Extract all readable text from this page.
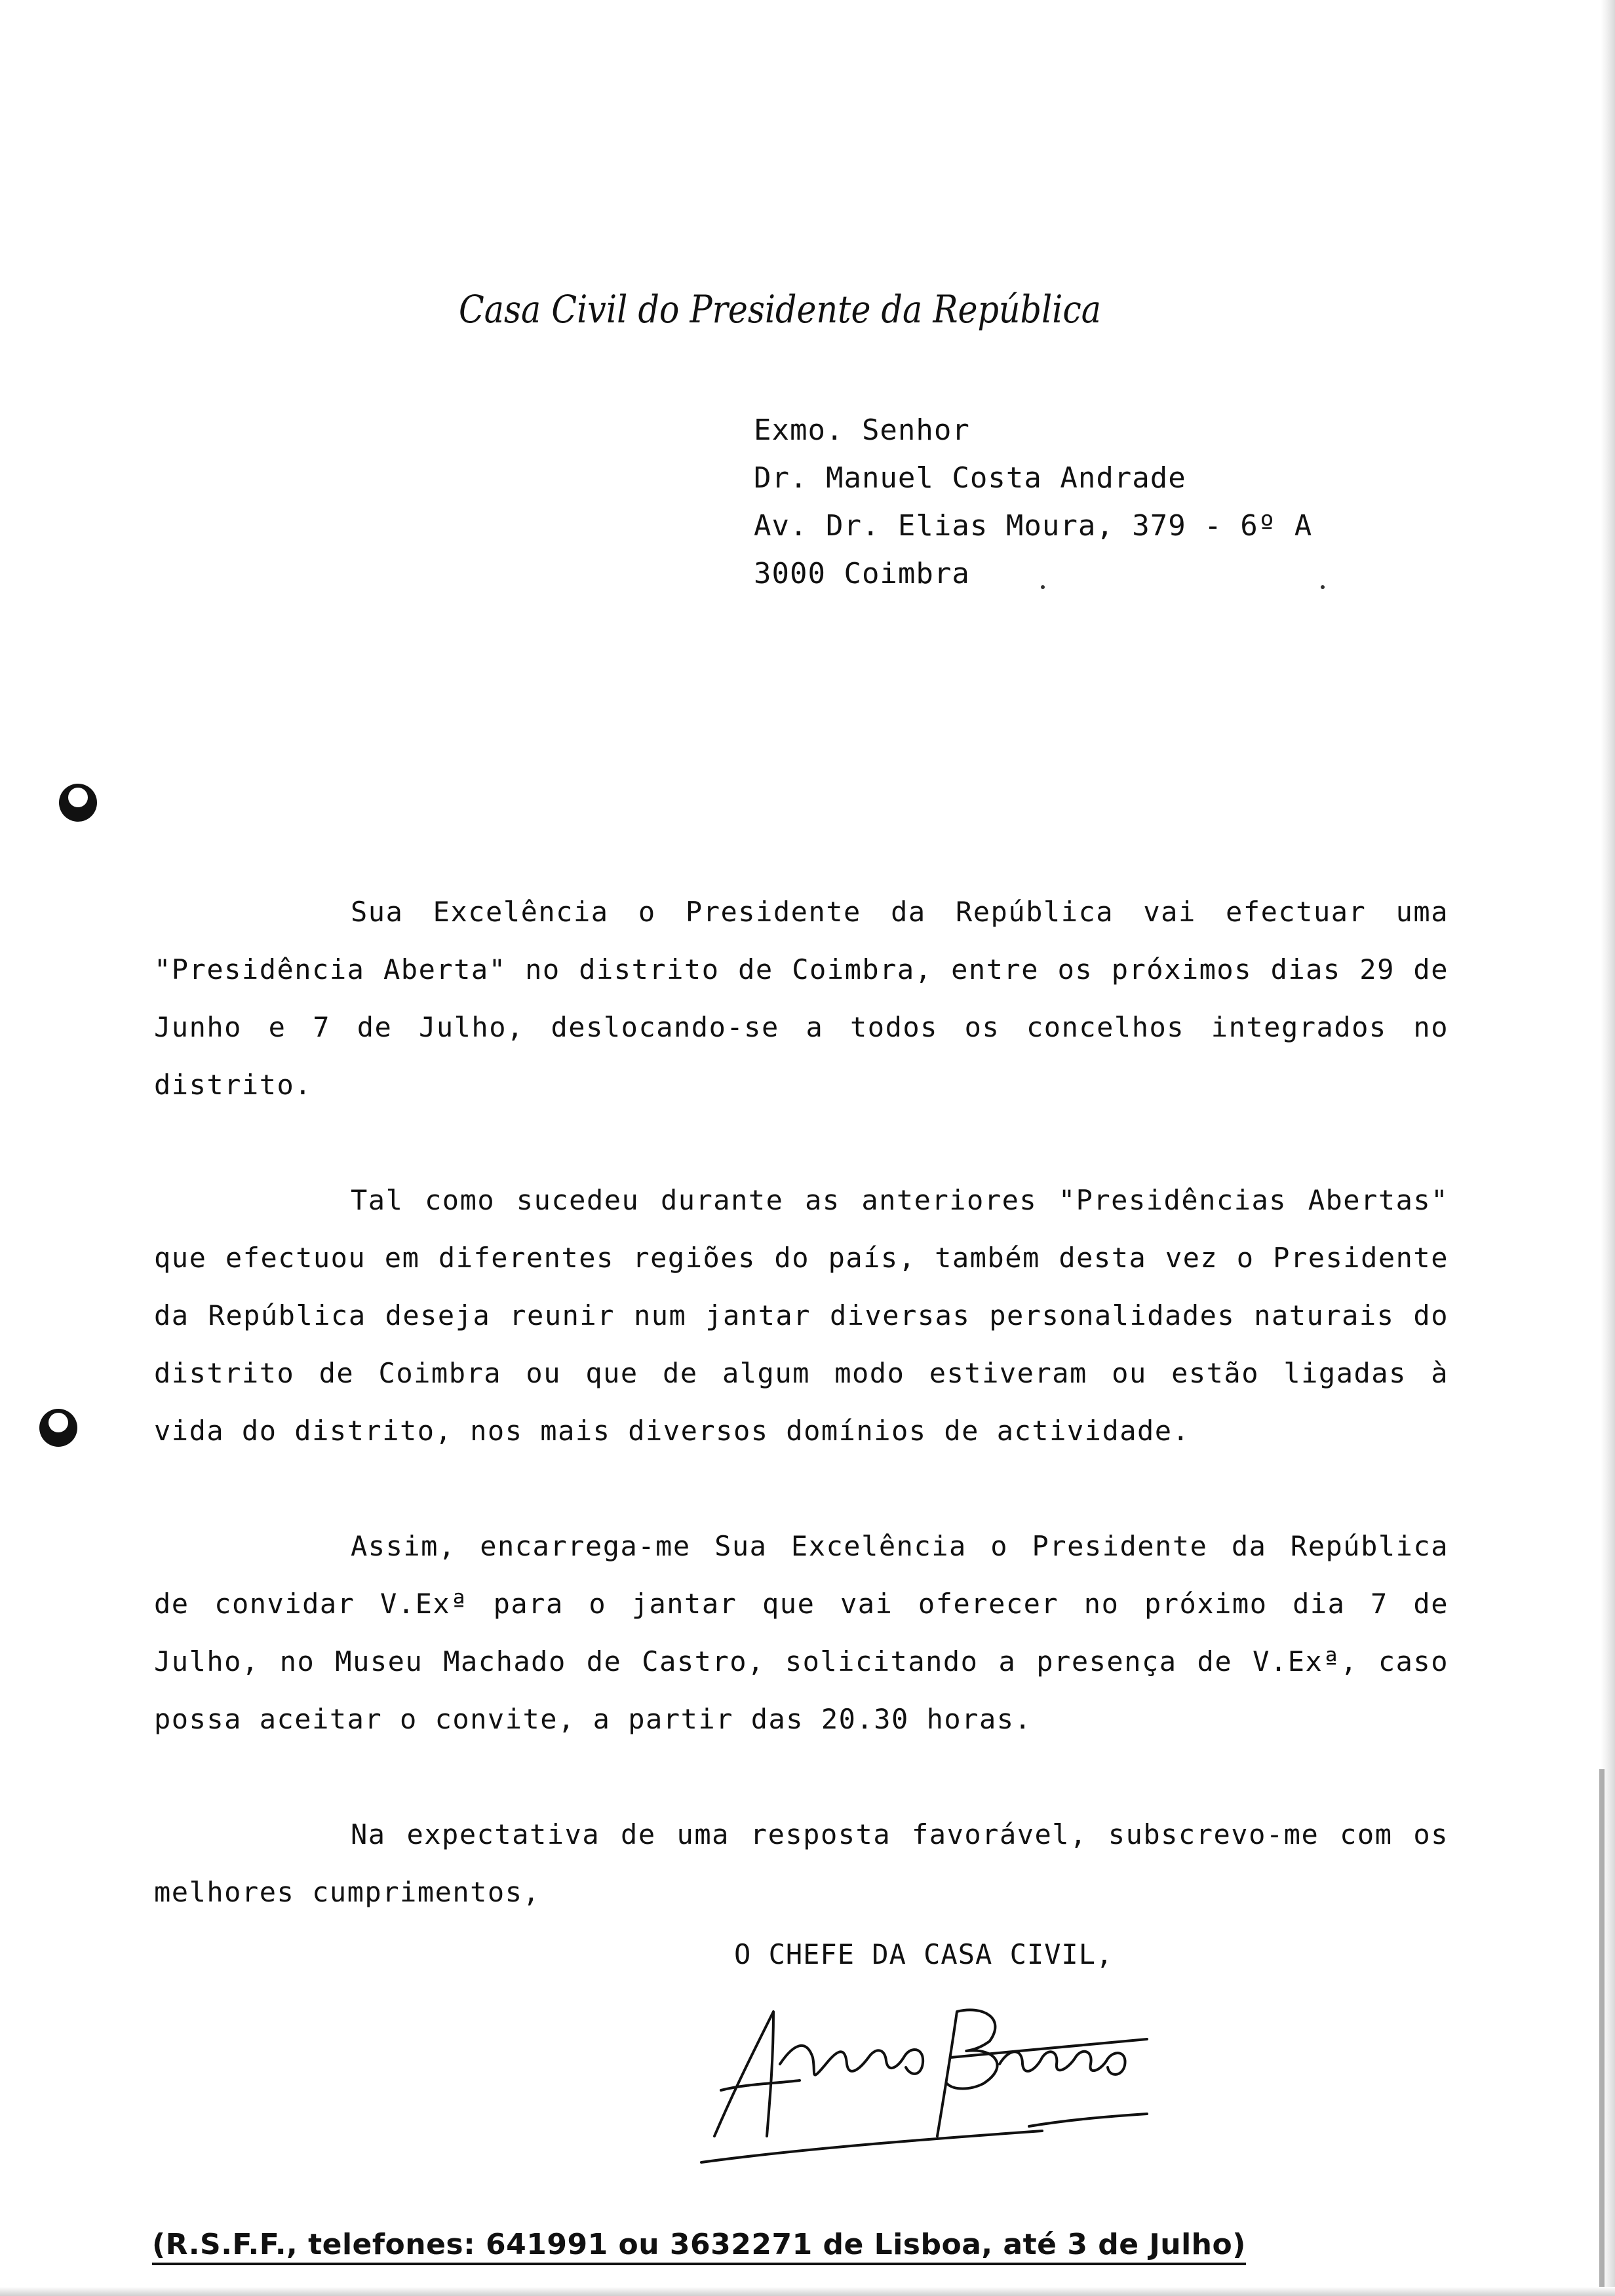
Casa Civil do Presidente da República
Exmo. Senhor
Dr. Manuel Costa Andrade
Av. Dr. Elias Moura, 379 - 6º A
3000 Coimbra

Sua Excelência o Presidente da República vai efectuar uma "Presidência Aberta" no distrito de Coimbra, entre os próximos dias 29 de Junho e 7 de Julho, deslocando-se a todos os concelhos integrados no distrito.

Tal como sucedeu durante as anteriores "Presidências Abertas" que efectuou em diferentes regiões do país, também desta vez o Presidente da República deseja reunir num jantar diversas personalidades naturais do distrito de Coimbra ou que de algum modo estiveram ou estão ligadas à vida do distrito, nos mais diversos domínios de actividade.

Assim, encarrega-me Sua Excelência o Presidente da República de convidar V.Exª para o jantar que vai oferecer no próximo dia 7 de Julho, no Museu Machado de Castro, solicitando a presença de V.Exª, caso possa aceitar o convite, a partir das 20.30 horas.

Na expectativa de uma resposta favorável, subscrevo-me com os melhores cumprimentos,

O CHEFE DA CASA CIVIL,
(R.S.F.F., telefones: 641991 ou 3632271 de Lisboa, até 3 de Julho)
